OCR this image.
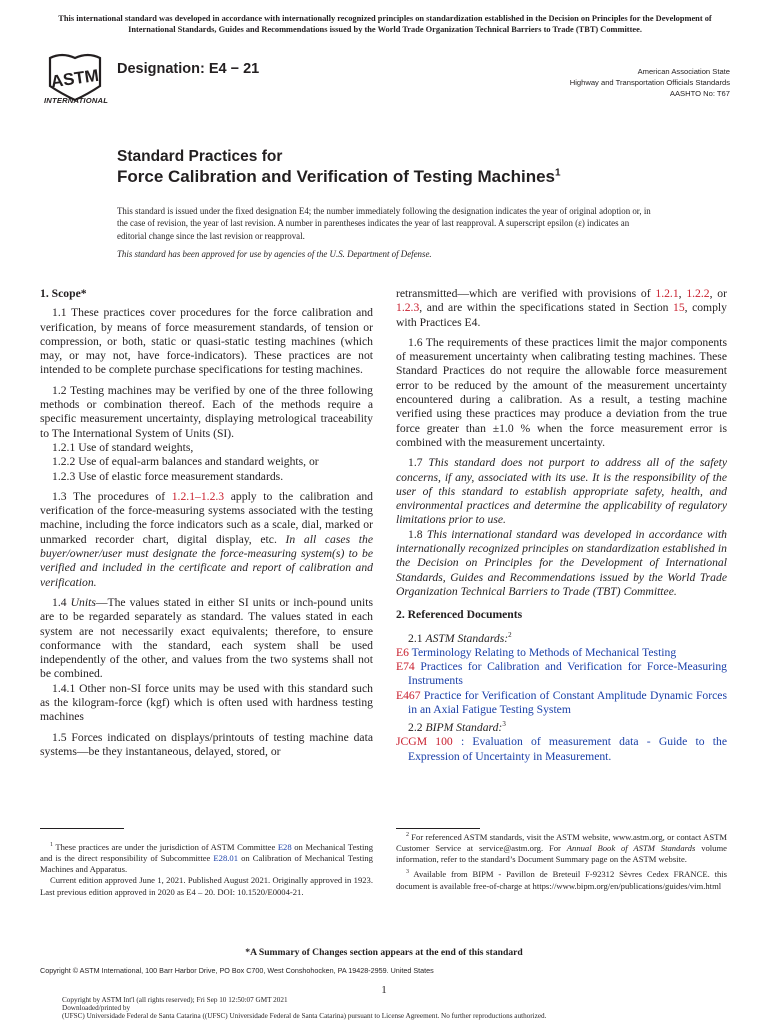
This international standard was developed in accordance with internationally recognized principles on standardization established in the Decision on Principles for the Development of International Standards, Guides and Recommendations issued by the World Trade Organization Technical Barriers to Trade (TBT) Committee.
ASTM
INTERNATIONAL
Designation: E4 − 21	American Association State
Highway and Transportation Officials Standards
AASHTO No: T67
Standard Practices for
Force Calibration and Verification of Testing Machines$^1$
This standard is issued under the fixed designation E4; the number immediately following the designation indicates the year of original adoption or, in the case of revision, the year of last revision. A number in parentheses indicates the year of last reapproval. A superscript epsilon (ε) indicates an editorial change since the last revision or reapproval.
This standard has been approved for use by agencies of the U.S. Department of Defense.
1. Scope*

1.1 These practices cover procedures for the force calibration and verification, by means of force measurement standards, of tension or compression, or both, static or quasi-static testing machines (which may, or may not, have force-indicators). These practices are not intended to be complete purchase specifications for testing machines.

1.2 Testing machines may be verified by one of the three following methods or combination thereof. Each of the methods require a specific measurement uncertainty, displaying metrological traceability to The International System of Units (SI).

1.2.1 Use of standard weights,

1.2.2 Use of equal-arm balances and standard weights, or

1.2.3 Use of elastic force measurement standards.

1.3 The procedures of 1.2.1–1.2.3 apply to the calibration and verification of the force-measuring systems associated with the testing machine, including the force indicators such as a scale, dial, marked or unmarked recorder chart, digital display, etc. In all cases the buyer/owner/user must designate the force-measuring system(s) to be verified and included in the certificate and report of calibration and verification.

1.4 Units—The values stated in either SI units or inch-pound units are to be regarded separately as standard. The values stated in each system are not necessarily exact equivalents; therefore, to ensure conformance with the standard, each system shall be used independently of the other, and values from the two systems shall not be combined.

1.4.1 Other non-SI force units may be used with this standard such as the kilogram-force (kgf) which is often used with hardness testing machines

1.5 Forces indicated on displays/printouts of testing machine data systems—be they instantaneous, delayed, stored, or

retransmitted—which are verified with provisions of 1.2.1, 1.2.2, or 1.2.3, and are within the specifications stated in Section 15, comply with Practices E4.

1.6 The requirements of these practices limit the major components of measurement uncertainty when calibrating testing machines. These Standard Practices do not require the allowable force measurement error to be reduced by the amount of the measurement uncertainty encountered during a calibration. As a result, a testing machine verified using these practices may produce a deviation from the true force greater than ±1.0 % when the force measurement error is combined with the measurement uncertainty.

1.7 This standard does not purport to address all of the safety concerns, if any, associated with its use. It is the responsibility of the user of this standard to establish appropriate safety, health, and environmental practices and determine the applicability of regulatory limitations prior to use.

1.8 This international standard was developed in accordance with internationally recognized principles on standardization established in the Decision on Principles for the Development of International Standards, Guides and Recommendations issued by the World Trade Organization Technical Barriers to Trade (TBT) Committee.

2. Referenced Documents

2.1 ASTM Standards:$^2$

E6 Terminology Relating to Methods of Mechanical Testing

E74 Practices for Calibration and Verification for Force-Measuring Instruments

E467 Practice for Verification of Constant Amplitude Dynamic Forces in an Axial Fatigue Testing System

2.2 BIPM Standard:$^3$

JCGM 100 : Evaluation of measurement data - Guide to the Expression of Uncertainty in Measurement.

$^1$ These practices are under the jurisdiction of ASTM Committee E28 on Mechanical Testing and is the direct responsibility of Subcommittee E28.01 on Calibration of Mechanical Testing Machines and Apparatus.

Current edition approved June 1, 2021. Published August 2021. Originally approved in 1923. Last previous edition approved in 2020 as E4 – 20. DOI: 10.1520/E0004-21.

$^2$ For referenced ASTM standards, visit the ASTM website, www.astm.org, or contact ASTM Customer Service at service@astm.org. For Annual Book of ASTM Standards volume information, refer to the standard’s Document Summary page on the ASTM website.

$^3$ Available from BIPM - Pavillon de Breteuil F-92312 Sèvres Cedex FRANCE. this document is available free-of-charge at https://www.bipm.org/en/publications/guides/vim.html

*A Summary of Changes section appears at the end of this standard
Copyright © ASTM International, 100 Barr Harbor Drive, PO Box C700, West Conshohocken, PA 19428-2959. United States
1
Copyright by ASTM Int'l (all rights reserved); Fri Sep 10 12:50:07 GMT 2021
Downloaded/printed by
(UFSC) Universidade Federal de Santa Catarina ((UFSC) Universidade Federal de Santa Catarina) pursuant to License Agreement. No further reproductions authorized.
